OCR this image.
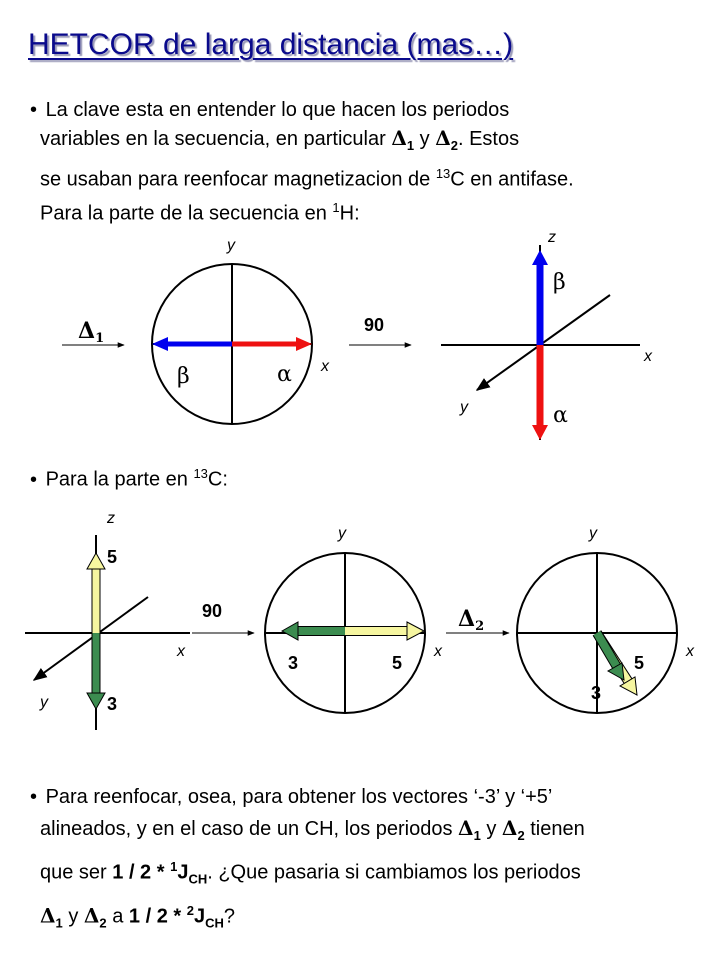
HETCOR de larga distancia (mas…)
• La clave esta en entender lo que hacen los periodos
variables en la secuencia, en particular $\Delta_1$ y $\Delta_2$. Estos
se usaban para reenfocar magnetizacion de $^{13}$C en antifase.
Para la parte de la secuencia en $^1$H:
• Para la parte en $^{13}$C:
• Para reenfocar, osea, para obtener los vectores ‘-3’ y ‘+5’
alineados, y en el caso de un CH, los periodos $\Delta_1$ y $\Delta_2$ tienen
que ser $1 / 2 * ^1J_{CH}$. ¿Que pasaria si cambiamos los periodos
$\Delta_1$ y $\Delta_2$ a $1 / 2 * ^2J_{CH}$?
Δ1
y
x
β	α
90
z
x
y
β
α
z
x
y
5
3
90
y
x
3	5
Δ2
y
x
3
5
